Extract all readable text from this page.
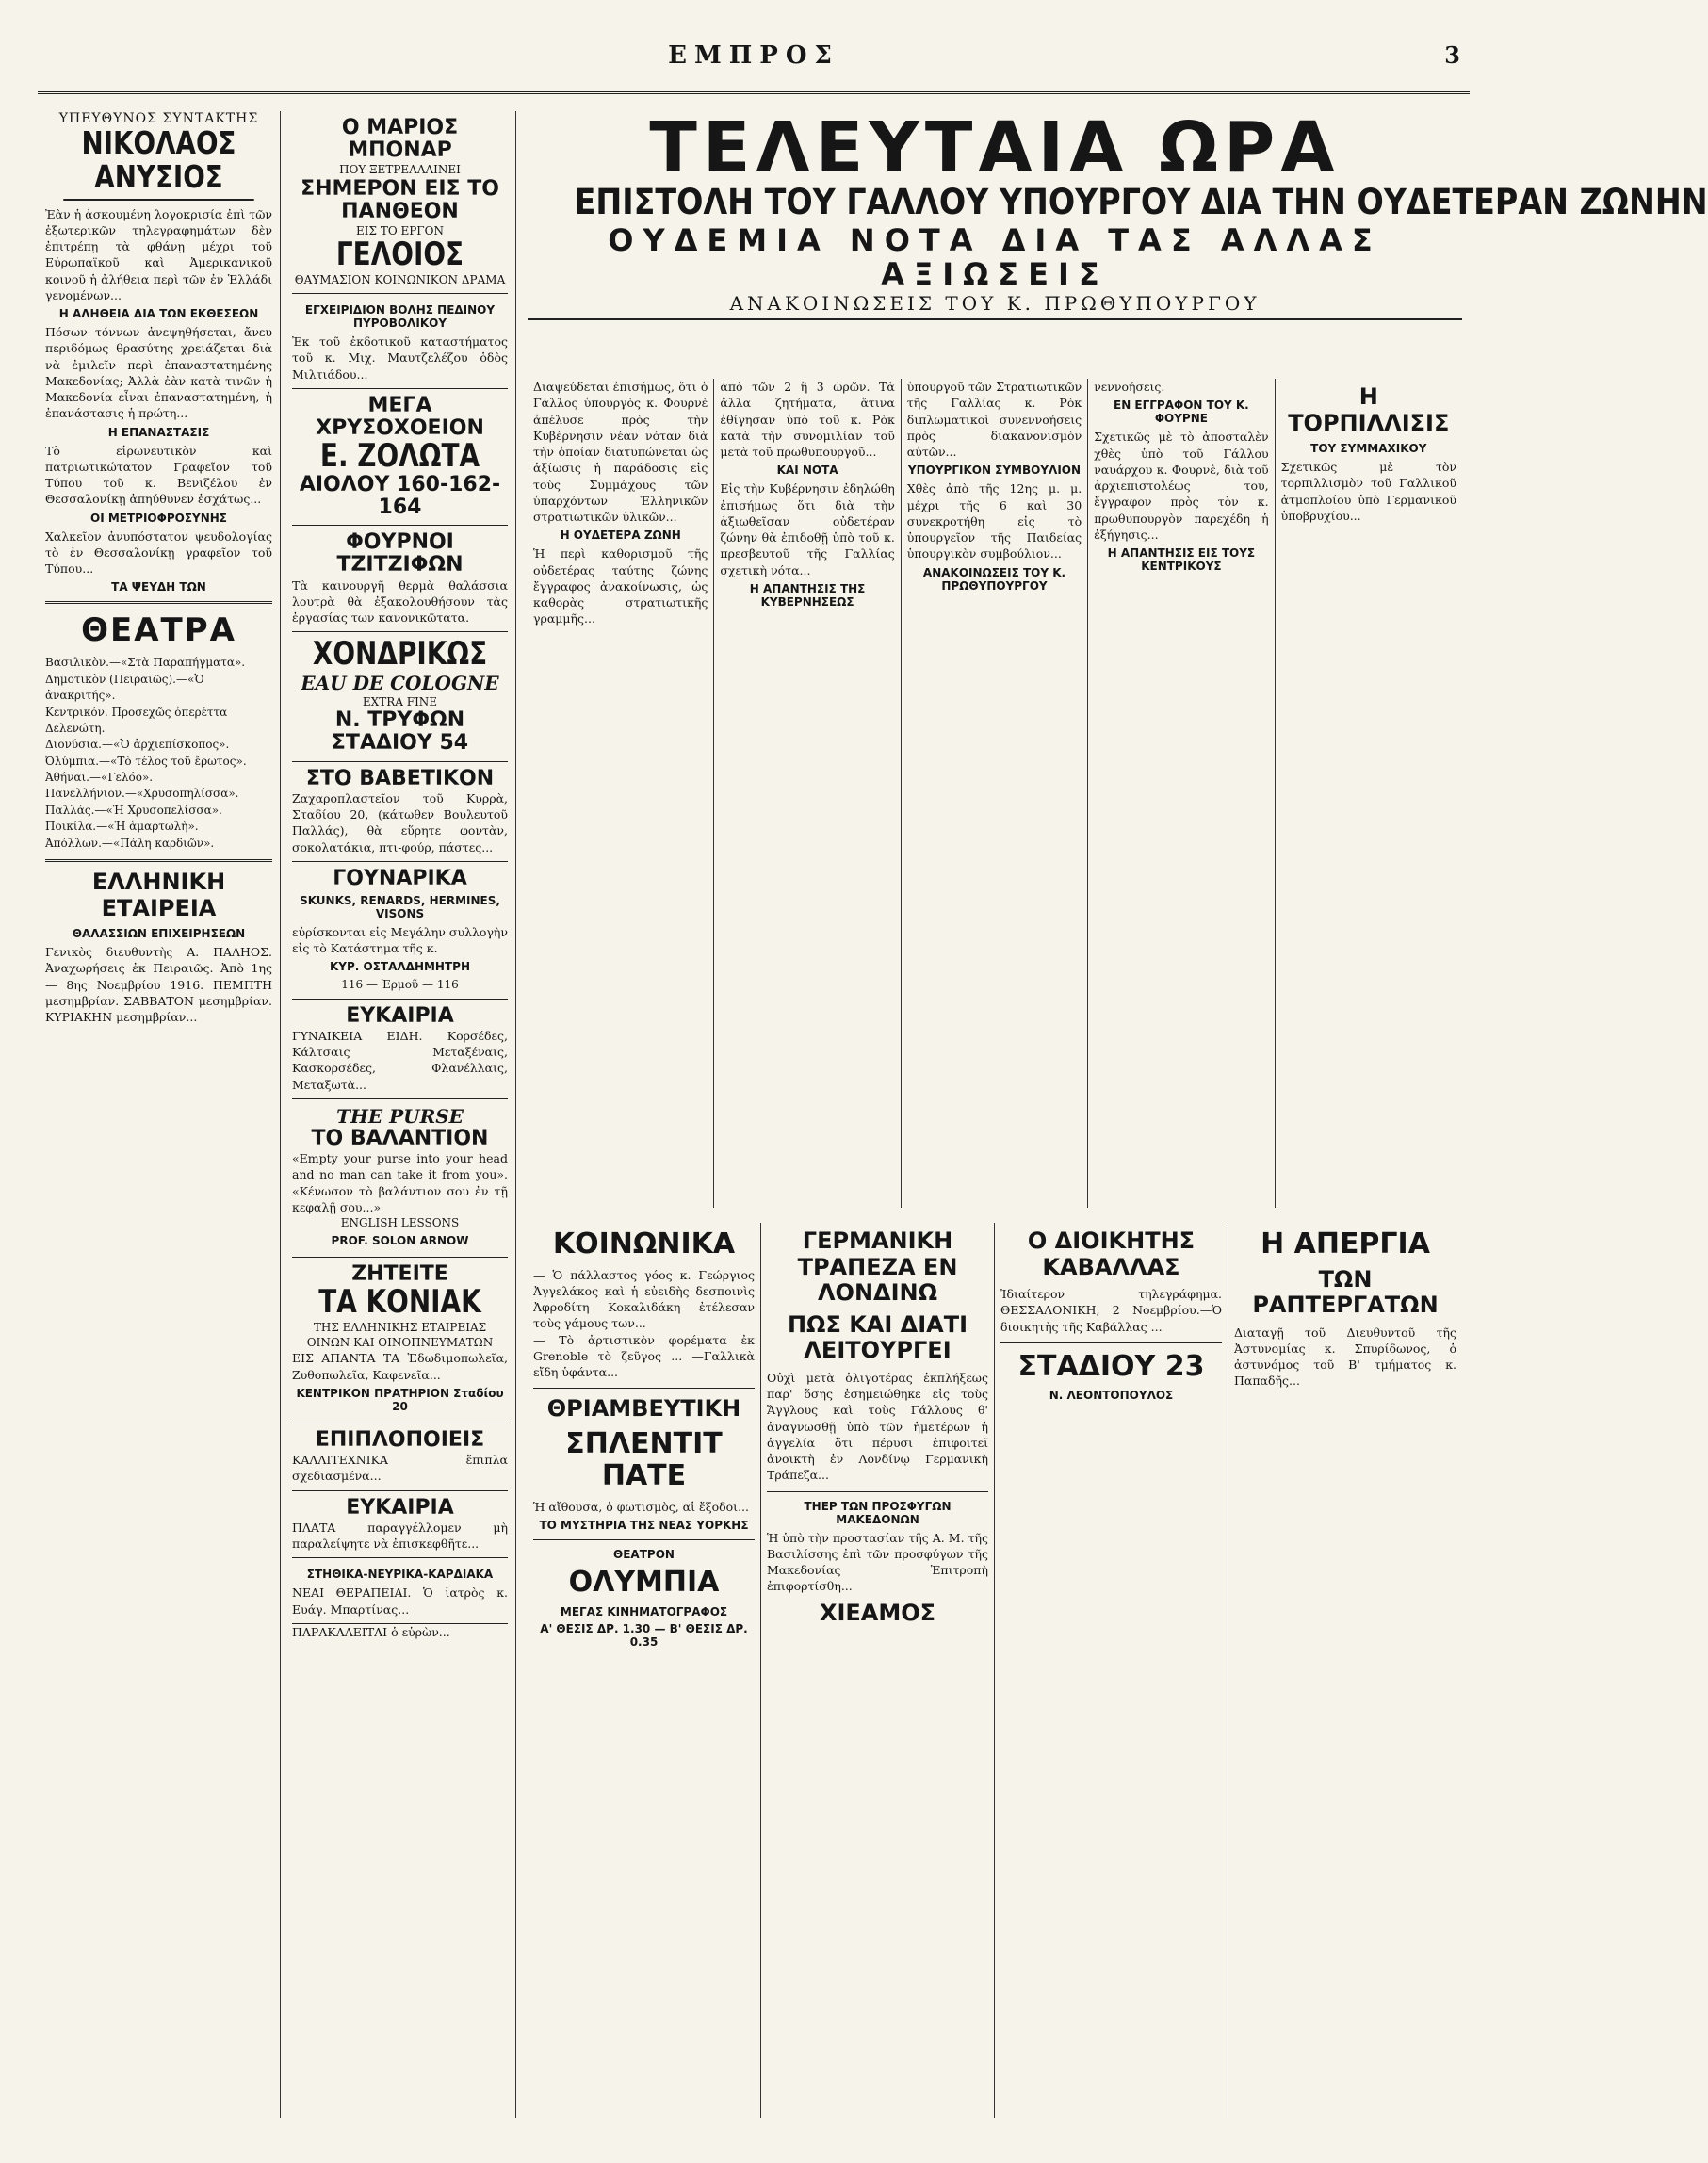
ΕΜΠΡΟΣ	3
ΥΠΕΥΘΥΝΟΣ ΣΥΝΤΑΚΤΗΣ
ΝΙΚΟΛΑΟΣ ΑΝΥΣΙΟΣ

Ἐὰν ἡ ἀσκουμένη λογοκρισία ἐπὶ τῶν ἐξωτερικῶν τηλεγραφημάτων δὲν ἐπιτρέπῃ τὰ φθάνῃ μέχρι τοῦ Εὐρωπαϊκοῦ καὶ Ἀμερικανικοῦ κοινοῦ ἡ ἀλήθεια περὶ τῶν ἐν Ἑλλάδι γενομένων...

Η ΑΛΗΘΕΙΑ ΔΙΑ ΤΩΝ ΕΚΘΕΣΕΩΝ

Πόσων τόννων ἀνεψηθήσεται, ἄνευ περιδόμως θρασύτης χρειάζεται διὰ νὰ ἐμιλεῖν περὶ ἐπαναστατημένης Μακεδονίας; Ἀλλὰ ἐὰν κατὰ τινῶν ἡ Μακεδονία εἶναι ἐπαναστατημένη, ἡ ἐπανάστασις ἡ πρώτη...

Η ΕΠΑΝΑΣΤΑΣΙΣ

Τὸ εἰρωνευτικὸν καὶ πατριωτικώτατον Γραφεῖον τοῦ Τύπου τοῦ κ. Βενιζέλου ἐν Θεσσαλονίκῃ ἀπηύθυνεν ἐσχάτως...

ΟΙ ΜΕΤΡΙΟΦΡΟΣΥΝΗΣ

Χαλκεῖον ἀνυπόστατον ψευδολογίας τὸ ἐν Θεσσαλονίκῃ γραφεῖον τοῦ Τύπου...

ΤΑ ΨΕΥΔΗ ΤΩΝ
ΘΕΑΤΡΑ
Βασιλικὸν.—«Στὰ Παραπήγματα».
Δημοτικὸν (Πειραιῶς).—«Ὁ ἀνακριτής».
Κεντρικόν. Προσεχῶς ὀπερέττα Δελενώτη.
Διονύσια.—«Ὁ ἀρχιεπίσκοπος».
Ὀλύμπια.—«Τὸ τέλος τοῦ ἔρωτος».
Ἀθήναι.—«Γελόο».
Πανελλήνιον.—«Χρυσοπηλίσσα».
Παλλάς.—«Ἡ Χρυσοπελίσσα».
Ποικίλα.—«Ἡ ἁμαρτωλὴ».
Ἀπόλλων.—«Πάλη καρδιῶν».
ΕΛΛΗΝΙΚΗ ΕΤΑΙΡΕΙΑ
ΘΑΛΑΣΣΙΩΝ ΕΠΙΧΕΙΡΗΣΕΩΝ

Γενικὸς διευθυντὴς Α. ΠΑΛΗΟΣ. Ἀναχωρήσεις ἐκ Πειραιῶς. Ἀπὸ 1ης — 8ης Νοεμβρίου 1916. ΠΕΜΠΤΗ μεσημβρίαν. ΣΑΒΒΑΤΟΝ μεσημβρίαν. ΚΥΡΙΑΚΗΝ μεσημβρίαν...

Ο ΜΑΡΙΟΣ ΜΠΟΝΑΡ
ΠΟΥ ΞΕΤΡΕΛΛΑΙΝΕΙ
ΣΗΜΕΡΟΝ ΕΙΣ ΤΟ ΠΑΝΘΕΟΝ
ΕΙΣ ΤΟ ΕΡΓΟΝ
ΓΕΛΟΙΟΣ
ΘΑΥΜΑΣΙΟΝ ΚΟΙΝΩΝΙΚΟΝ ΔΡΑΜΑ
ΕΓΧΕΙΡΙΔΙΟΝ ΒΟΛΗΣ ΠΕΔΙΝΟΥ ΠΥΡΟΒΟΛΙΚΟΥ

Ἐκ τοῦ ἐκδοτικοῦ καταστήματος τοῦ κ. Μιχ. Μαυτζελέζου ὁδὸς Μιλτιάδου...

ΜΕΓΑ ΧΡΥΣΟΧΟΕΙΟΝ
Ε. ΖΟΛΩΤΑ
ΑΙΟΛΟΥ 160-162-164
ΦΟΥΡΝΟΙ ΤΖΙΤΖΙΦΩΝ

Τὰ καινουργῆ θερμὰ θαλάσσια λουτρὰ θὰ ἐξακολουθήσουν τὰς ἐργασίας των κανονικῶτατα.

ΧΟΝΔΡΙΚΩΣ
EAU DE COLOGNE
EXTRA FINE
Ν. ΤΡΥΦΩΝ ΣΤΑΔΙΟΥ 54
ΣΤΟ ΒΑΒΕΤΙΚΟΝ

Ζαχαροπλαστεῖον τοῦ Κυρρὰ, Σταδίου 20, (κάτωθεν Βουλευτοῦ Παλλάς), θὰ εὕρητε φοντὰν, σοκολατάκια, πτι-φούρ, πάστες...

ΓΟΥΝΑΡΙΚΑ
SKUNKS, RENARDS, HERMINES, VISONS

εὐρίσκονται εἰς Μεγάλην συλλογὴν εἰς τὸ Κατάστημα τῆς κ.

ΚΥΡ. ΟΣΤΑΛΔΗΜΗΤΡΗ
116 — Ἑρμοῦ — 116
ΕΥΚΑΙΡΙΑ

ΓΥΝΑΙΚΕΙΑ ΕΙΔΗ. Κορσέδες, Κάλτσαις Μεταξέναις, Κασκορσέδες, Φλανέλλαις, Μεταξωτὰ...

THE PURSE
ΤΟ ΒΑΛΑΝΤΙΟΝ

«Empty your purse into your head and no man can take it from you». «Κένωσον τὸ βαλάντιον σου ἐν τῇ κεφαλῇ σου...»

ENGLISH LESSONS
PROF. SOLON ARNOW
ΖΗΤΕΙΤΕ
ΤΑ ΚΟΝΙΑΚ
ΤΗΣ ΕΛΛΗΝΙΚΗΣ ΕΤΑΙΡΕΙΑΣ ΟΙΝΩΝ ΚΑΙ ΟΙΝΟΠΝΕΥΜΑΤΩΝ

ΕΙΣ ΑΠΑΝΤΑ ΤΑ Ἑδωδιμοπωλεῖα, Ζυθοπωλεῖα, Καφενεῖα...

ΚΕΝΤΡΙΚΟΝ ΠΡΑΤΗΡΙΟΝ Σταδίου 20
ΕΠΙΠΛΟΠΟΙΕΙΣ

ΚΑΛΛΙΤΕΧΝΙΚΑ ἔπιπλα σχεδιασμένα...

ΕΥΚΑΙΡΙΑ

ΠΛΑΤΑ παραγγέλλομεν μὴ παραλείψητε νὰ ἐπισκεφθῆτε...

ΣΤΗΘΙΚΑ-ΝΕΥΡΙΚΑ-ΚΑΡΔΙΑΚΑ

ΝΕΑΙ ΘΕΡΑΠΕΙΑΙ. Ὁ ἰατρὸς κ. Ευάγ. Μπαρτίνας...

ΠΑΡΑΚΑΛΕΙΤΑΙ ὁ εὑρὼν...

ΤΕΛΕΥΤΑΙΑ ΩΡΑ
ΕΠΙΣΤΟΛΗ ΤΟΥ ΓΑΛΛΟΥ ΥΠΟΥΡΓΟΥ ΔΙΑ ΤΗΝ ΟΥΔΕΤΕΡΑΝ ΖΩΝΗΝ
ΟΥΔΕΜΙΑ ΝΟΤΑ ΔΙΑ ΤΑΣ ΑΛΛΑΣ ΑΞΙΩΣΕΙΣ
ΑΝΑΚΟΙΝΩΣΕΙΣ ΤΟΥ Κ. ΠΡΩΘΥΠΟΥΡΓΟΥ

Διαψεύδεται ἐπισήμως, ὅτι ὁ Γάλλος ὑπουργὸς κ. Φουρνὲ ἀπέλυσε πρὸς τὴν Κυβέρνησιν νέαν νόταν διὰ τὴν ὁποίαν διατυπώνεται ὡς ἀξίωσις ἡ παράδοσις εἰς τοὺς Συμμάχους τῶν ὑπαρχόντων Ἑλληνικῶν στρατιωτικῶν ὑλικῶν...

Η ΟΥΔΕΤΕΡΑ ΖΩΝΗ

Ἡ περὶ καθορισμοῦ τῆς οὐδετέρας ταύτης ζώνης ἔγγραφος ἀνακοίνωσις, ὡς καθορὰς στρατιωτικῆς γραμμῆς...

ἀπὸ τῶν 2 ἢ 3 ὡρῶν. Τὰ ἄλλα ζητήματα, ἅτινα ἐθίγησαν ὑπὸ τοῦ κ. Ρὸκ κατὰ τὴν συνομιλίαν τοῦ μετὰ τοῦ πρωθυπουργοῦ...

ΚΑΙ ΝΟΤΑ

Εἰς τὴν Κυβέρνησιν ἐδηλώθη ἐπισήμως ὅτι διὰ τὴν ἀξιωθεῖσαν οὐδετέραν ζώνην θὰ ἐπιδοθῇ ὑπὸ τοῦ κ. πρεσβευτοῦ τῆς Γαλλίας σχετικὴ νότα...

Η ΑΠΑΝΤΗΣΙΣ ΤΗΣ ΚΥΒΕΡΝΗΣΕΩΣ

ὑπουργοῦ τῶν Στρατιωτικῶν τῆς Γαλλίας κ. Ρὸκ διπλωματικοὶ συνεννοήσεις πρὸς διακανονισμὸν αὐτῶν...

ΥΠΟΥΡΓΙΚΟΝ ΣΥΜΒΟΥΛΙΟΝ

Χθὲς ἀπὸ τῆς 12ης μ. μ. μέχρι τῆς 6 καὶ 30 συνεκροτήθη εἰς τὸ ὑπουργεῖον τῆς Παιδείας ὑπουργικὸν συμβούλιον...

ΑΝΑΚΟΙΝΩΣΕΙΣ ΤΟΥ Κ. ΠΡΩΘΥΠΟΥΡΓΟΥ

νεννοήσεις.

ΕΝ ΕΓΓΡΑΦΟΝ ΤΟΥ Κ. ΦΟΥΡΝΕ

Σχετικῶς μὲ τὸ ἀποσταλὲν χθὲς ὑπὸ τοῦ Γάλλου ναυάρχου κ. Φουρνὲ, διὰ τοῦ ἀρχιεπιστολέως του, ἔγγραφον πρὸς τὸν κ. πρωθυπουργὸν παρεχέδη ἡ ἐξήγησις...

Η ΑΠΑΝΤΗΣΙΣ ΕΙΣ ΤΟΥΣ ΚΕΝΤΡΙΚΟΥΣ
Η ΤΟΡΠΙΛΛΙΣΙΣ
ΤΟΥ ΣΥΜΜΑΧΙΚΟΥ

Σχετικῶς μὲ τὸν τορπιλλισμὸν τοῦ Γαλλικοῦ ἀτμοπλοίου ὑπὸ Γερμανικοῦ ὑποβρυχίου...

ΚΟΙΝΩΝΙΚΑ

— Ὁ πάλλαστος γόος κ. Γεώργιος Ἀγγελάκος καὶ ἡ εὐειδὴς δεσποινὶς Ἀφροδίτη Κοκαλιδάκη ἐτέλεσαν τοὺς γάμους των...

— Τὸ ἀρτιστικὸν φορέματα ἐκ Grenoble τὸ ζεῦγος ... —Γαλλικὰ εἴδη ὑφάντα...

ΘΡΙΑΜΒΕΥΤΙΚΗ
ΣΠΛΕΝΤΙΤ ΠΑΤΕ

Ἡ αἴθουσα, ὁ φωτισμὸς, αἱ ἔξοδοι...

ΤΟ ΜΥΣΤΗΡΙΑ ΤΗΣ ΝΕΑΣ ΥΟΡΚΗΣ
ΘΕΑΤΡΟΝ
ΟΛΥΜΠΙΑ
ΜΕΓΑΣ ΚΙΝΗΜΑΤΟΓΡΑΦΟΣ
Α' ΘΕΣΙΣ ΔΡ. 1.30 — Β' ΘΕΣΙΣ ΔΡ. 0.35
ΓΕΡΜΑΝΙΚΗ ΤΡΑΠΕΖΑ ΕΝ ΛΟΝΔΙΝΩ
ΠΩΣ ΚΑΙ ΔΙΑΤΙ ΛΕΙΤΟΥΡΓΕΙ

Οὐχὶ μετὰ ὀλιγοτέρας ἐκπλήξεως παρ' ὅσης ἐσημειώθηκε εἰς τοὺς Ἄγγλους καὶ τοὺς Γάλλους θ' ἀναγνωσθῇ ὑπὸ τῶν ἡμετέρων ἡ ἀγγελία ὅτι πέρυσι ἐπιφοιτεῖ ἀνοικτὴ ἐν Λονδίνῳ Γερμανικὴ Τράπεζα...

ΤΗΕΡ ΤΩΝ ΠΡΟΣΦΥΓΩΝ ΜΑΚΕΔΟΝΩΝ

Ἡ ὑπὸ τὴν προστασίαν τῆς Α. Μ. τῆς Βασιλίσσης ἐπὶ τῶν προσφύγων τῆς Μακεδονίας Ἐπιτροπὴ ἐπιφορτίσθη...

ΧΙΕΑΜΟΣ
Ο ΔΙΟΙΚΗΤΗΣ ΚΑΒΑΛΛΑΣ

Ἰδιαίτερον τηλεγράφημα. ΘΕΣΣΑΛΟΝΙΚΗ, 2 Νοεμβρίου.—Ὁ διοικητὴς τῆς Καβάλλας ...

ΣΤΑΔΙΟΥ 23
Ν. ΛΕΟΝΤΟΠΟΥΛΟΣ
Η ΑΠΕΡΓΙΑ
ΤΩΝ ΡΑΠΤΕΡΓΑΤΩΝ

Διαταγῇ τοῦ Διευθυντοῦ τῆς Ἀστυνομίας κ. Σπυρίδωνος, ὁ ἀστυνόμος τοῦ Β' τμήματος κ. Παπαδῆς...
